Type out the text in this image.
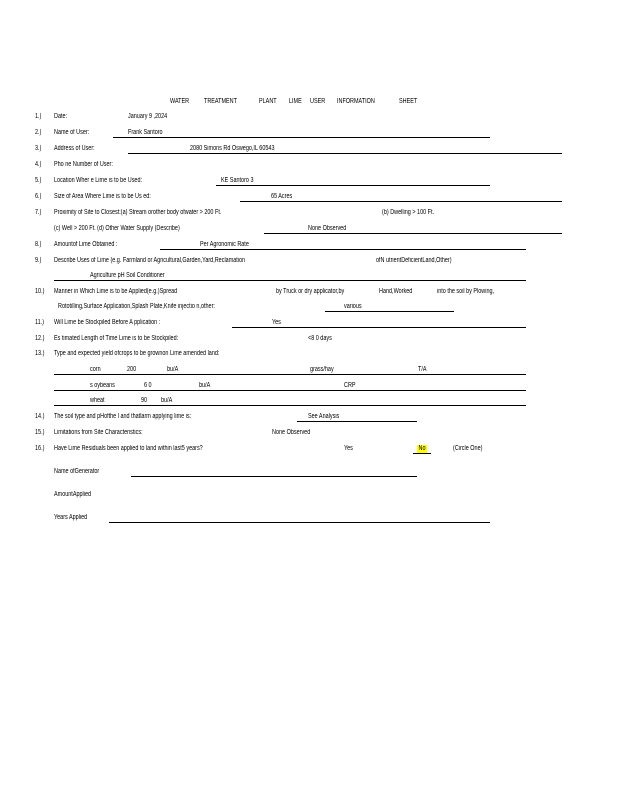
WATER TREATMENT	PLANT LIME USER INFORMATION	SHEET
1.) Date:	January 9 ,2024
2.) Name of User:	Frank Santoro
3.) Address of User:	2080 Simons Rd Oswego,IL 60543
4.) Pho ne Number of User:
5.) Location Wher e Lime is to be Used:	KE Santoro 3
6.) Size of Area Where Lime is to be Us ed:	65 Acres
7.) Proximity of Site to Closest:(a) Stream orother body ofwater > 200 Ft.	(b) Dwelling > 100 Ft.
(c) Well > 200 Ft. (d) Other Water Supply (Describe)	None Observed
8.) Amountof Lime Obtained :	Per Agronomic Rate
9.) Describe Uses of Lime (e.g. Farmland or Agricultural,Garden,Yard,Reclamation	ofN utrientDeficientLand,Other)
Agriculture pH Soil Conditioner
10.) Manner in Which Lime is to be Applied(e.g.)Spread	by Truck or dry applicator,by	Hand,Worked	into the soil by Plowing,
Rototilling,Surface Application,Splash Plate,Knife injectio n,other:	various
11.) Will Lime be Stockpiled Before A pplication :	Yes
12.) Es timated Length of Time Lime is to be Stockpiled:	<8 0 days
13.) Type and expected yield ofcrops to be grownon Lime amended land:
corn	200	bu/A	grass/hay	T/A
s oybeans	6 0	bu/A	CRP
wheat	90 bu/A
14.) The soil type and pHofthe l and thatlarm applying lime is:	See Analysis
15.) Limitations from Site Characteristics:	None Observed
16.) Have Lime Residuals been applied to land within last5 years?	Yes	No	(Circle One)
Name ofGenerator
AmountApplied
Years Applied
